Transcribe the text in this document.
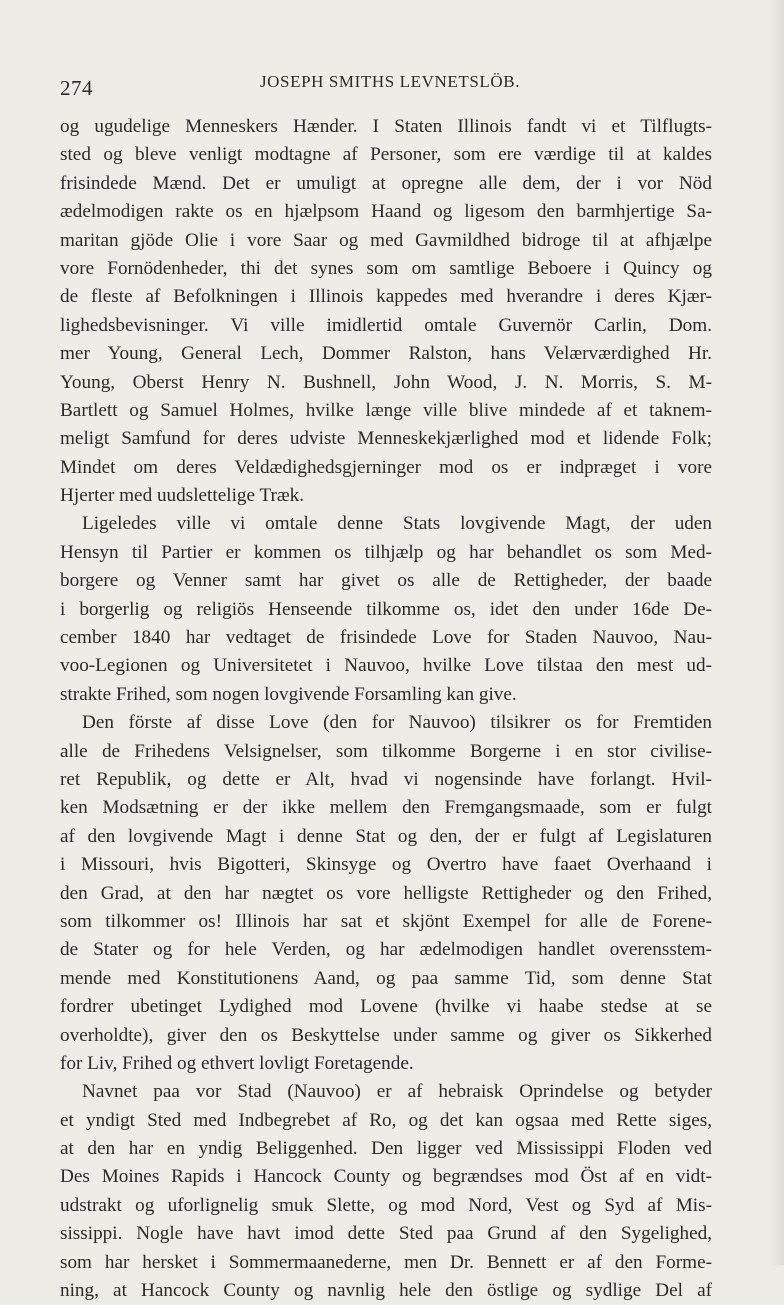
274	JOSEPH SMITHS LEVNETSLÖB.
og ugudelige Menneskers Hænder. I Staten Illinois fandt vi et Tilflugts-
sted og bleve venligt modtagne af Personer, som ere værdige til at kaldes
frisindede Mænd. Det er umuligt at opregne alle dem, der i vor Nöd
ædelmodigen rakte os en hjælpsom Haand og ligesom den barmhjertige Sa-
maritan gjöde Olie i vore Saar og med Gavmildhed bidroge til at afhjælpe
vore Fornödenheder, thi det synes som om samtlige Beboere i Quincy og
de fleste af Befolkningen i Illinois kappedes med hverandre i deres Kjær-
lighedsbevisninger. Vi ville imidlertid omtale Guvernör Carlin, Dom.
mer Young, General Lech, Dommer Ralston, hans Velærværdighed Hr.
Young, Oberst Henry N. Bushnell, John Wood, J. N. Morris, S. M-
Bartlett og Samuel Holmes, hvilke længe ville blive mindede af et taknem-
meligt Samfund for deres udviste Menneskekjærlighed mod et lidende Folk;
Mindet om deres Veldædighedsgjerninger mod os er indpræget i vore
Hjerter med uudslettelige Træk.
Ligeledes ville vi omtale denne Stats lovgivende Magt, der uden
Hensyn til Partier er kommen os tilhjælp og har behandlet os som Med-
borgere og Venner samt har givet os alle de Rettigheder, der baade
i borgerlig og religiös Henseende tilkomme os, idet den under 16de De-
cember 1840 har vedtaget de frisindede Love for Staden Nauvoo, Nau-
voo-Legionen og Universitetet i Nauvoo, hvilke Love tilstaa den mest ud-
strakte Frihed, som nogen lovgivende Forsamling kan give.
Den förste af disse Love (den for Nauvoo) tilsikrer os for Fremtiden
alle de Frihedens Velsignelser, som tilkomme Borgerne i en stor civilise-
ret Republik, og dette er Alt, hvad vi nogensinde have forlangt. Hvil-
ken Modsætning er der ikke mellem den Fremgangsmaade, som er fulgt
af den lovgivende Magt i denne Stat og den, der er fulgt af Legislaturen
i Missouri, hvis Bigotteri, Skinsyge og Overtro have faaet Overhaand i
den Grad, at den har nægtet os vore helligste Rettigheder og den Frihed,
som tilkommer os! Illinois har sat et skjönt Exempel for alle de Forene-
de Stater og for hele Verden, og har ædelmodigen handlet overensstem-
mende med Konstitutionens Aand, og paa samme Tid, som denne Stat
fordrer ubetinget Lydighed mod Lovene (hvilke vi haabe stedse at se
overholdte), giver den os Beskyttelse under samme og giver os Sikkerhed
for Liv, Frihed og ethvert lovligt Foretagende.
Navnet paa vor Stad (Nauvoo) er af hebraisk Oprindelse og betyder
et yndigt Sted med Indbegrebet af Ro, og det kan ogsaa med Rette siges,
at den har en yndig Beliggenhed. Den ligger ved Mississippi Floden ved
Des Moines Rapids i Hancock County og begrændses mod Öst af en vidt-
udstrakt og uforlignelig smuk Slette, og mod Nord, Vest og Syd af Mis-
sissippi. Nogle have havt imod dette Sted paa Grund af den Sygelighed,
som har hersket i Sommermaanederne, men Dr. Bennett er af den Forme-
ning, at Hancock County og navnlig hele den östlige og sydlige Del af
